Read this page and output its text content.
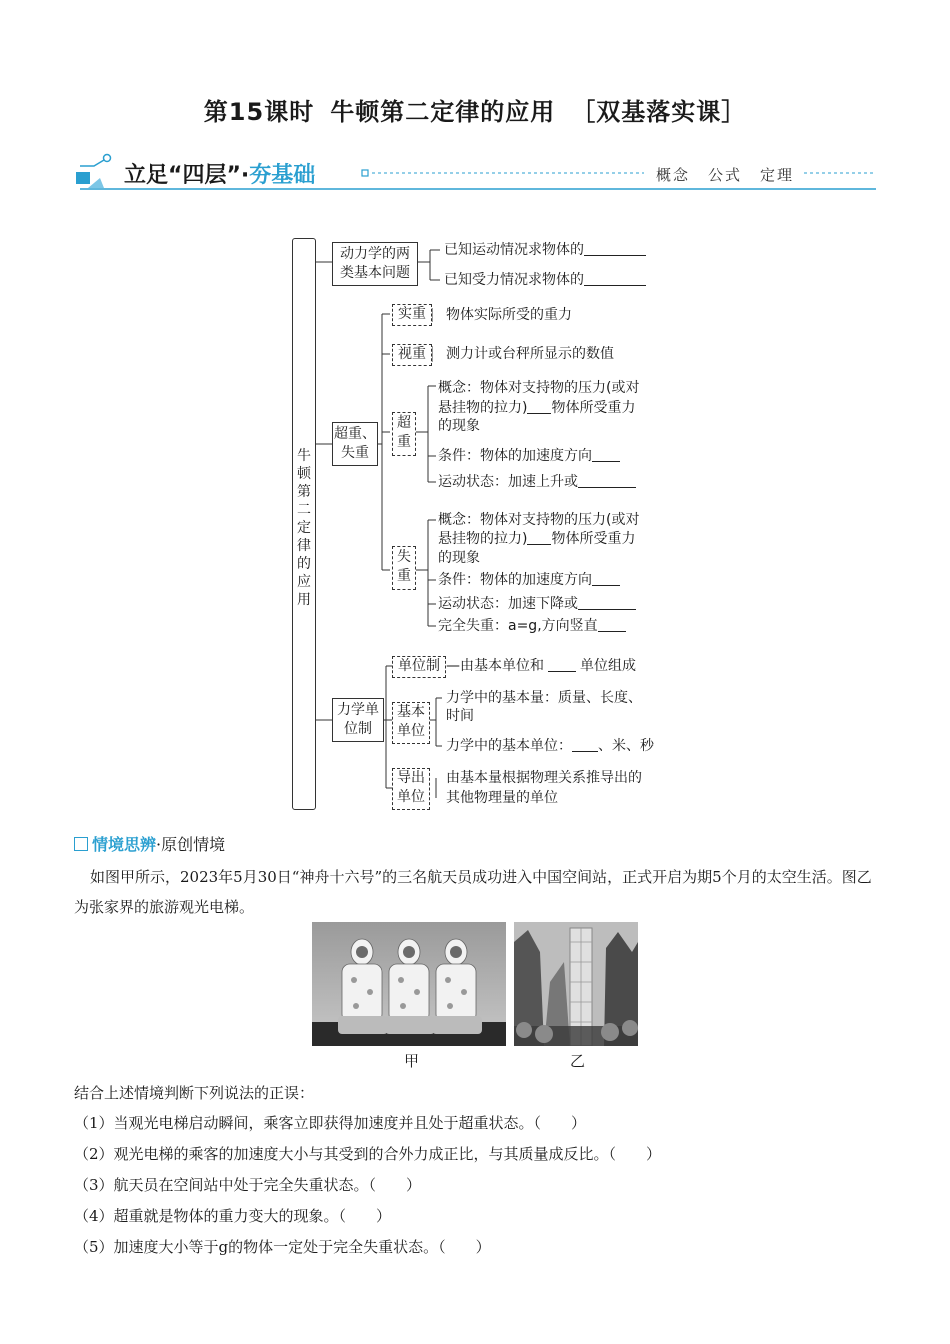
第15课时 牛顿第二定律的应用 ［双基落实课］
立足“四层”·夯基础	概念 公式 定理
牛顿第二定律的应用
动力学的两类基本问题
已知运动情况求物体的
已知受力情况求物体的
超重、失重
实重	物体实际所受的重力
视重	测力计或台秤所显示的数值
超重
概念：物体对支持物的压力(或对
悬挂物的拉力) 物体所受重力
的现象
条件：物体的加速度方向
运动状态：加速上升或
失重
概念：物体对支持物的压力(或对
悬挂物的拉力) 物体所受重力
的现象
条件：物体的加速度方向
运动状态：加速下降或
完全失重：a=g,方向竖直
力学单位制
单位制 —由基本单位和	单位组成
基本单位
力学中的基本量：质量、长度、
时间
力学中的基本单位： 、米、秒
导出单位
由基本量根据物理关系推导出的
其他物理量的单位
情境思辨·原创情境
如图甲所示，2023年5月30日“神舟十六号”的三名航天员成功进入中国空间站，正式开启为期5个月的太空生活。图乙为张家界的旅游观光电梯。
甲	乙
结合上述情境判断下列说法的正误：
（1）当观光电梯启动瞬间，乘客立即获得加速度并且处于超重状态。（　　）
（2）观光电梯的乘客的加速度大小与其受到的合外力成正比，与其质量成反比。（　　）
（3）航天员在空间站中处于完全失重状态。（　　）
（4）超重就是物体的重力变大的现象。（　　）
（5）加速度大小等于g的物体一定处于完全失重状态。（　　）
